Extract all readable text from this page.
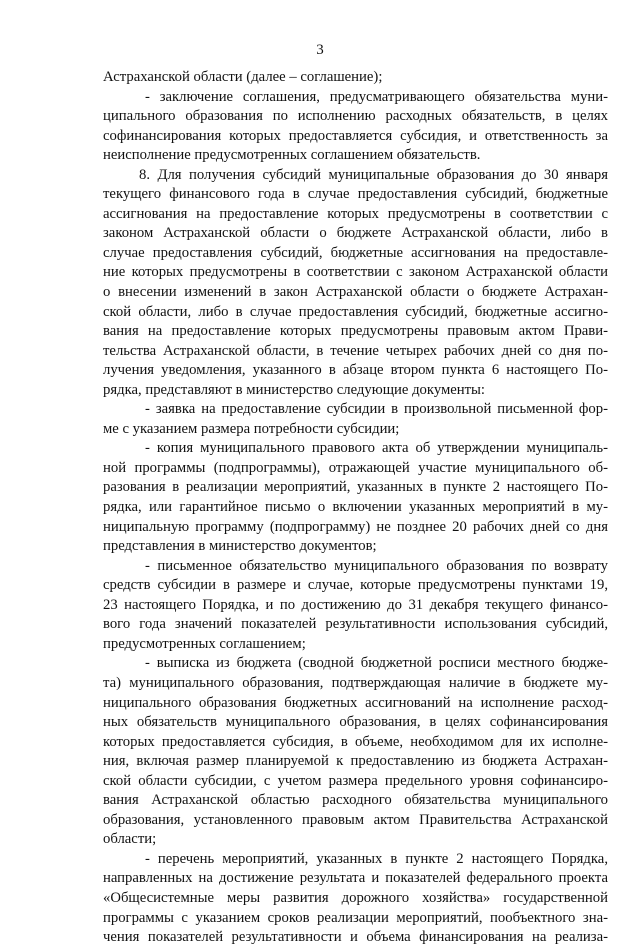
3
Астраханской области (далее – соглашение);
- заключение соглашения, предусматривающего обязательства муни-
ципального образования по исполнению расходных обязательств, в целях
софинансирования которых предоставляется субсидия, и ответственность за
неисполнение предусмотренных соглашением обязательств.
8. Для получения субсидий муниципальные образования до 30 января
текущего финансового года в случае предоставления субсидий, бюджетные
ассигнования на предоставление которых предусмотрены в соответствии с
законом Астраханской области о бюджете Астраханской области, либо в
случае предоставления субсидий, бюджетные ассигнования на предоставле-
ние которых предусмотрены в соответствии с законом Астраханской области
о внесении изменений в закон Астраханской области о бюджете Астрахан-
ской области, либо в случае предоставления субсидий, бюджетные ассигно-
вания на предоставление которых предусмотрены правовым актом Прави-
тельства Астраханской области, в течение четырех рабочих дней со дня по-
лучения уведомления, указанного в абзаце втором пункта 6 настоящего По-
рядка, представляют в министерство следующие документы:
- заявка на предоставление субсидии в произвольной письменной фор-
ме с указанием размера потребности субсидии;
- копия муниципального правового акта об утверждении муниципаль-
ной программы (подпрограммы), отражающей участие муниципального об-
разования в реализации мероприятий, указанных в пункте 2 настоящего По-
рядка, или гарантийное письмо о включении указанных мероприятий в му-
ниципальную программу (подпрограмму) не позднее 20 рабочих дней со дня
представления в министерство документов;
- письменное обязательство муниципального образования по возврату
средств субсидии в размере и случае, которые предусмотрены пунктами 19,
23 настоящего Порядка, и по достижению до 31 декабря текущего финансо-
вого года значений показателей результативности использования субсидий,
предусмотренных соглашением;
- выписка из бюджета (сводной бюджетной росписи местного бюдже-
та) муниципального образования, подтверждающая наличие в бюджете му-
ниципального образования бюджетных ассигнований на исполнение расход-
ных обязательств муниципального образования, в целях софинансирования
которых предоставляется субсидия, в объеме, необходимом для их исполне-
ния, включая размер планируемой к предоставлению из бюджета Астрахан-
ской области субсидии, с учетом размера предельного уровня софинансиро-
вания Астраханской областью расходного обязательства муниципального
образования, установленного правовым актом Правительства Астраханской
области;
- перечень мероприятий, указанных в пункте 2 настоящего Порядка,
направленных на достижение результата и показателей федерального проекта
«Общесистемные меры развития дорожного хозяйства» государственной
программы с указанием сроков реализации мероприятий, пообъектного зна-
чения показателей результативности и объема финансирования на реализа-
